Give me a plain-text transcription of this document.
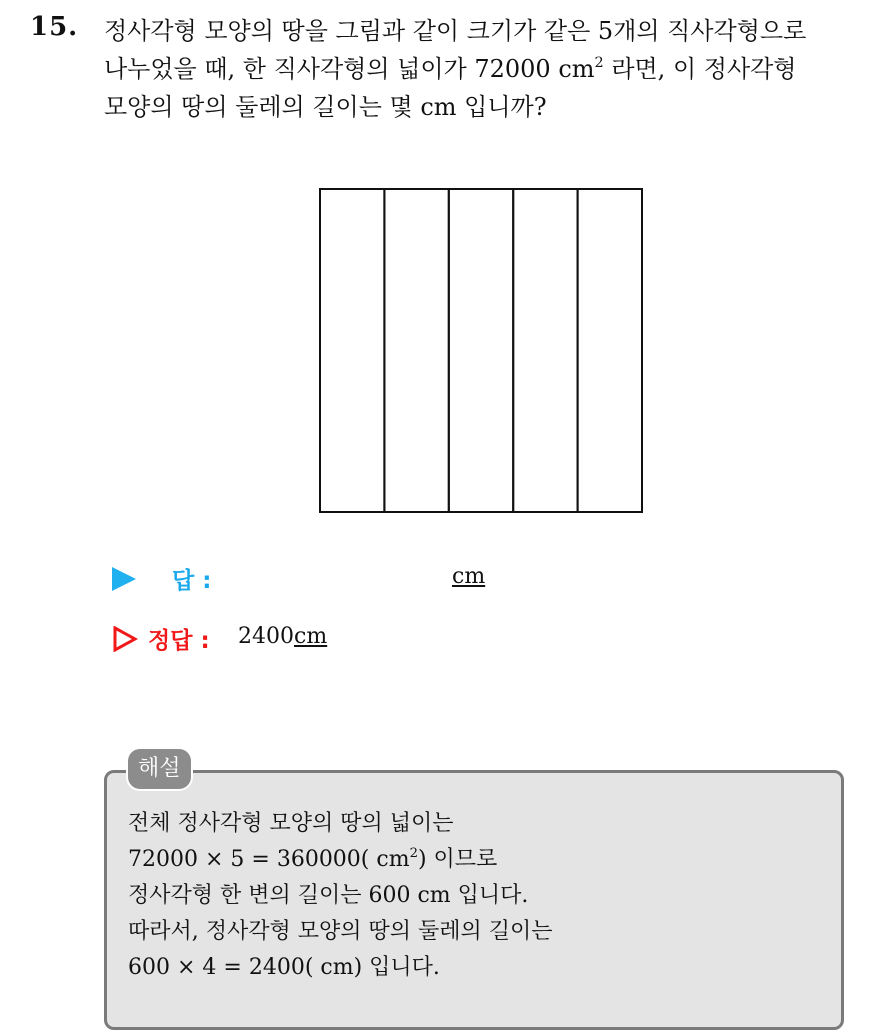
15. 정사각형 모양의 땅을 그림과 같이 크기가 같은 5개의 직사각형으로
나누었을 때, 한 직사각형의 넓이가 72000 $cm^2$ 라면, 이 정사각형
모양의 땅의 둘레의 길이는 몇 cm 입니까?
답 :	cm
정답 : 2400cm
해설
전체 정사각형 모양의 땅의 넓이는
72000 × 5 = 360000( $cm^2$) 이므로
정사각형 한 변의 길이는 600 cm 입니다.
따라서, 정사각형 모양의 땅의 둘레의 길이는
600 × 4 = 2400( cm) 입니다.
